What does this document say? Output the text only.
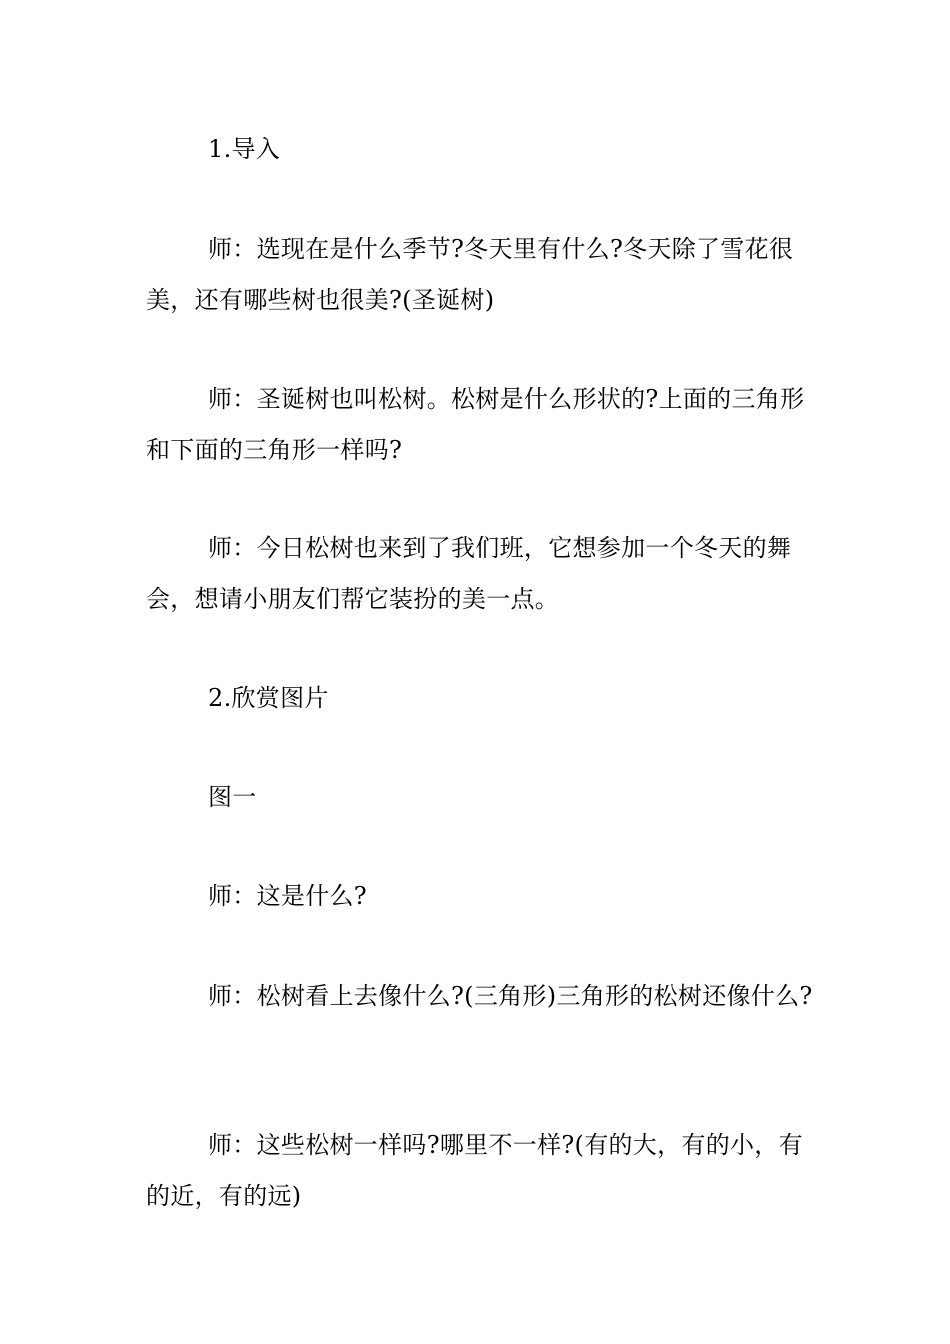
1.导入

师：选现在是什么季节?冬天里有什么?冬天除了雪花很美，还有哪些树也很美?(圣诞树)

师：圣诞树也叫松树。松树是什么形状的?上面的三角形和下面的三角形一样吗?

师：今日松树也来到了我们班，它想参加一个冬天的舞会，想请小朋友们帮它装扮的美一点。

2.欣赏图片

图一

师：这是什么?

师：松树看上去像什么?(三角形)三角形的松树还像什么?

师：这些松树一样吗?哪里不一样?(有的大，有的小，有的近，有的远)
